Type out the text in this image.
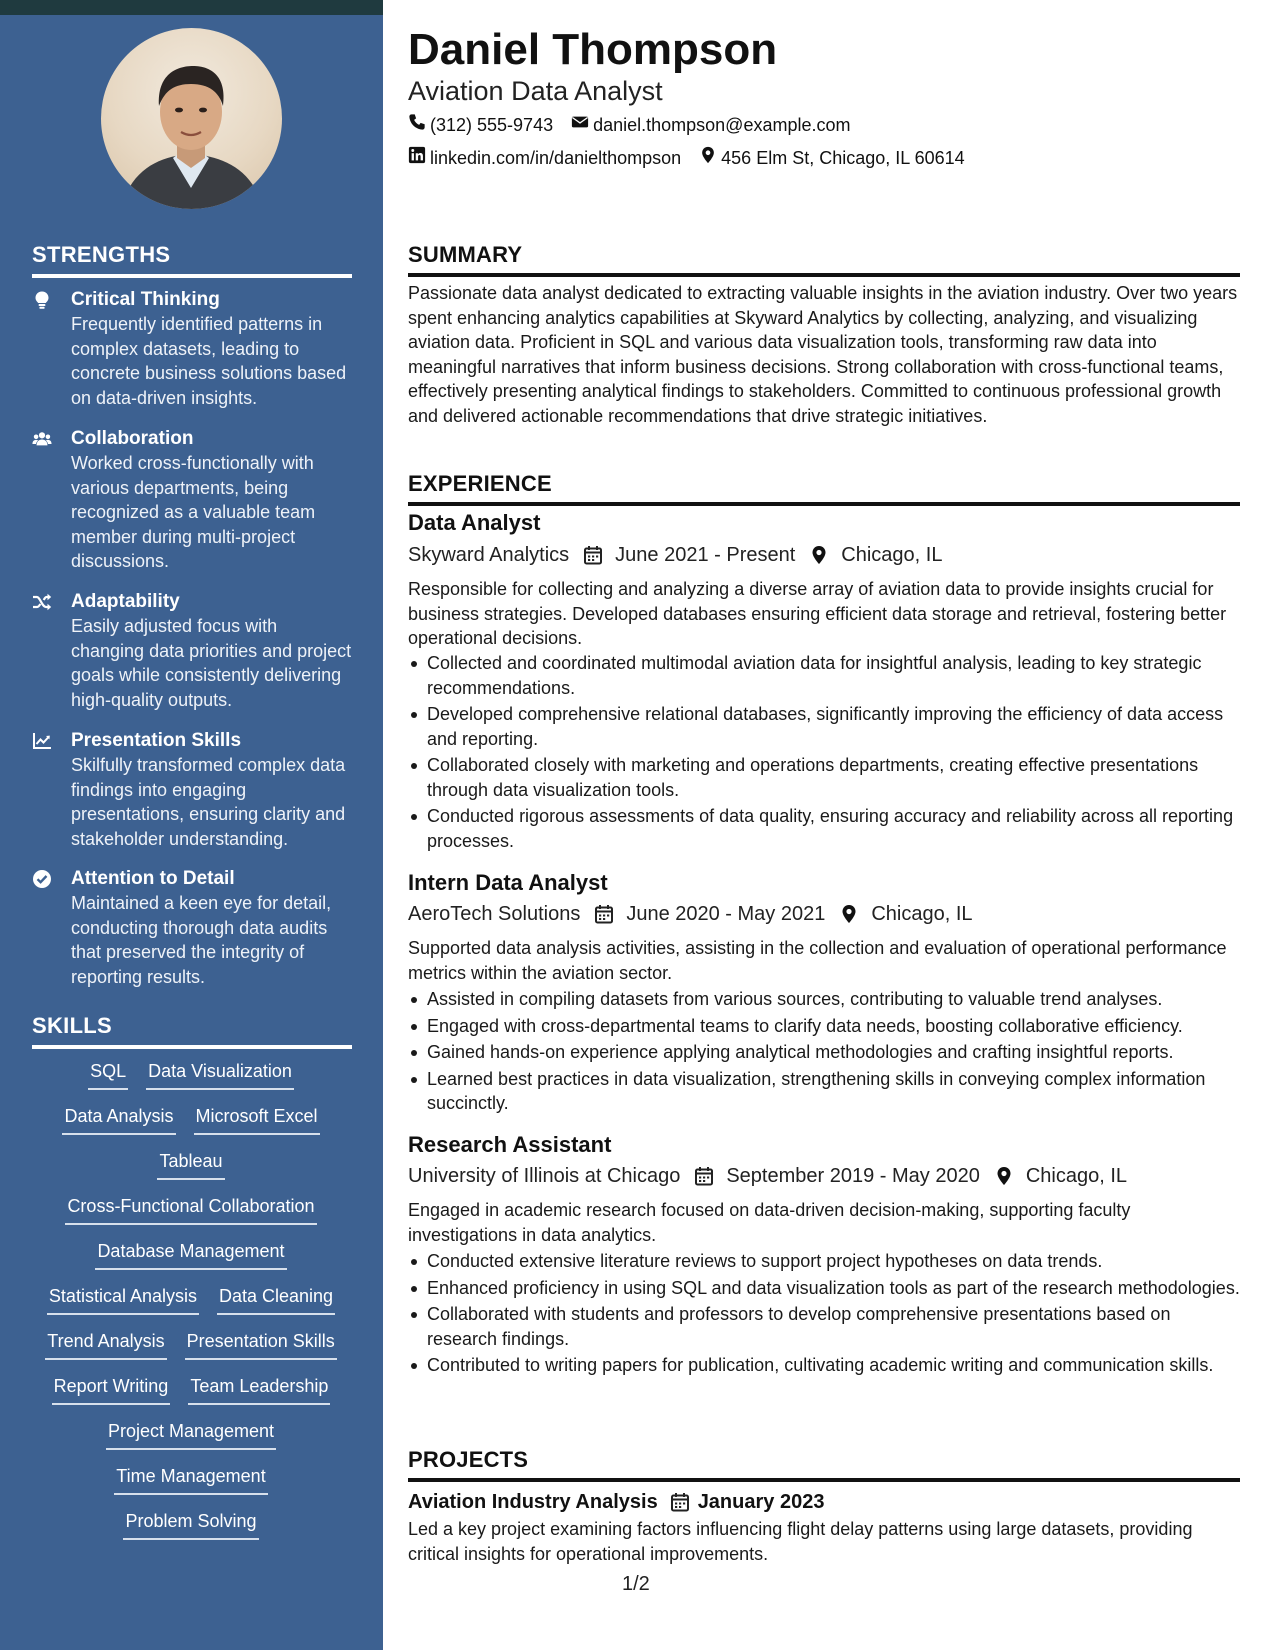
STRENGTHS
Critical Thinking
Frequently identified patterns in complex datasets, leading to concrete business solutions based on data-driven insights.
Collaboration
Worked cross-functionally with various departments, being recognized as a valuable team member during multi-project discussions.
Adaptability
Easily adjusted focus with changing data priorities and project goals while consistently delivering high-quality outputs.
Presentation Skills
Skilfully transformed complex data findings into engaging presentations, ensuring clarity and stakeholder understanding.
Attention to Detail
Maintained a keen eye for detail, conducting thorough data audits that preserved the integrity of reporting results.
SKILLS
SQL Data Visualization
Data Analysis Microsoft Excel
Tableau
Cross-Functional Collaboration
Database Management
Statistical Analysis Data Cleaning
Trend Analysis Presentation Skills
Report Writing Team Leadership
Project Management
Time Management
Problem Solving
Daniel Thompson
Aviation Data Analyst
(312) 555-9743 daniel.thompson@example.com
linkedin.com/in/danielthompson 456 Elm St, Chicago, IL 60614
SUMMARY
Passionate data analyst dedicated to extracting valuable insights in the aviation industry. Over two years spent enhancing analytics capabilities at Skyward Analytics by collecting, analyzing, and visualizing aviation data. Proficient in SQL and various data visualization tools, transforming raw data into meaningful narratives that inform business decisions. Strong collaboration with cross-functional teams, effectively presenting analytical findings to stakeholders. Committed to continuous professional growth and delivered actionable recommendations that drive strategic initiatives.
EXPERIENCE
Data Analyst
Skyward Analytics June 2021 - Present Chicago, IL
Responsible for collecting and analyzing a diverse array of aviation data to provide insights crucial for business strategies. Developed databases ensuring efficient data storage and retrieval, fostering better operational decisions.
Collected and coordinated multimodal aviation data for insightful analysis, leading to key strategic recommendations.
Developed comprehensive relational databases, significantly improving the efficiency of data access and reporting.
Collaborated closely with marketing and operations departments, creating effective presentations through data visualization tools.
Conducted rigorous assessments of data quality, ensuring accuracy and reliability across all reporting processes.
Intern Data Analyst
AeroTech Solutions June 2020 - May 2021 Chicago, IL
Supported data analysis activities, assisting in the collection and evaluation of operational performance metrics within the aviation sector.
Assisted in compiling datasets from various sources, contributing to valuable trend analyses.
Engaged with cross-departmental teams to clarify data needs, boosting collaborative efficiency.
Gained hands-on experience applying analytical methodologies and crafting insightful reports.
Learned best practices in data visualization, strengthening skills in conveying complex information succinctly.
Research Assistant
University of Illinois at Chicago September 2019 - May 2020 Chicago, IL
Engaged in academic research focused on data-driven decision-making, supporting faculty investigations in data analytics.
Conducted extensive literature reviews to support project hypotheses on data trends.
Enhanced proficiency in using SQL and data visualization tools as part of the research methodologies.
Collaborated with students and professors to develop comprehensive presentations based on research findings.
Contributed to writing papers for publication, cultivating academic writing and communication skills.
PROJECTS
Aviation Industry Analysis January 2023
Led a key project examining factors influencing flight delay patterns using large datasets, providing critical insights for operational improvements.
1/2
